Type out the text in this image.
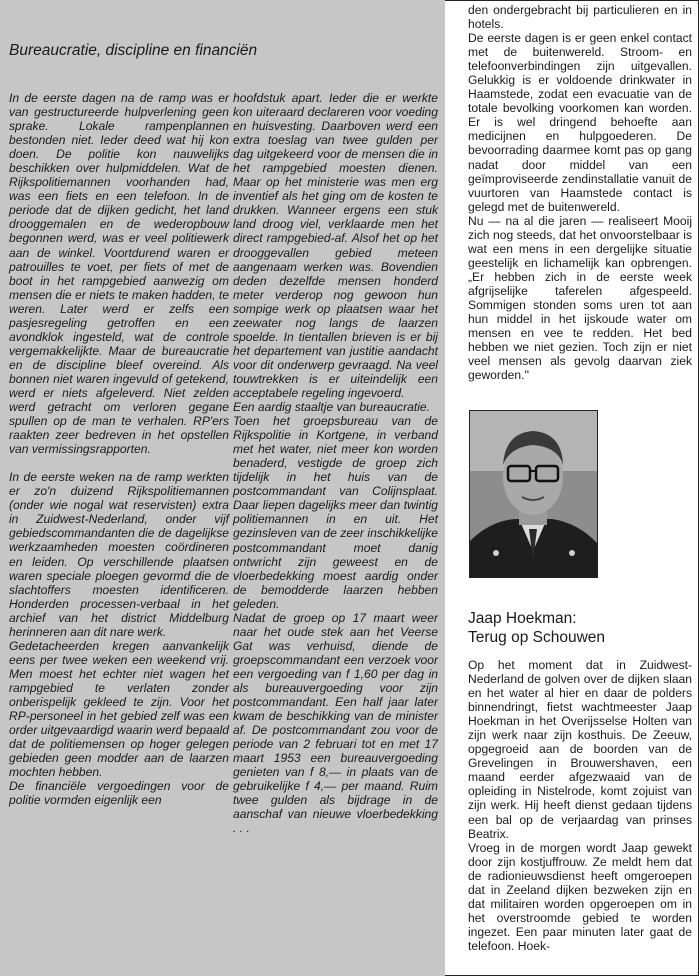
Bureaucratie, discipline en financiën

In de eerste dagen na de ramp was er van gestructureerde hulpverlening geen sprake. Lokale rampenplannen bestonden niet. Ieder deed wat hij kon doen. De politie kon nauwelijks beschikken over hulpmiddelen. Wat de Rijkspolitiemannen voorhanden had, was een fiets en een telefoon. In de periode dat de dijken gedicht, het land drooggemalen en de wederopbouw begonnen werd, was er veel politiewerk aan de winkel. Voortdurend waren er patrouilles te voet, per fiets of met de boot in het rampgebied aanwezig om mensen die er niets te maken hadden, te weren. Later werd er zelfs een pasjesregeling getroffen en een avondklok ingesteld, wat de controle vergemakkelijkte. Maar de bureaucratie en de discipline bleef overeind. Als bonnen niet waren ingevuld of getekend, werd er niets afgeleverd. Niet zelden werd getracht om verloren gegane spullen op de man te verhalen. RP'ers raakten zeer bedreven in het opstellen van vermissingsrapporten.

In de eerste weken na de ramp werkten er zo'n duizend Rijkspolitiemannen (onder wie nogal wat reservisten) extra in Zuidwest-Nederland, onder vijf gebiedscommandanten die de dagelijkse werkzaamheden moesten coördineren en leiden. Op verschillende plaatsen waren speciale ploegen gevormd die de slachtoffers moesten identificeren. Honderden processen-verbaal in het archief van het district Middelburg herinneren aan dit nare werk.

Gedetacheerden kregen aanvankelijk eens per twee weken een weekend vrij. Men moest het echter niet wagen het rampgebied te verlaten zonder onberispelijk gekleed te zijn. Voor het RP-personeel in het gebied zelf was een order uitgevaardigd waarin werd bepaald dat de politiemensen op hoger gelegen gebieden geen modder aan de laarzen mochten hebben.

De financiële vergoedingen voor de politie vormden eigenlijk een

hoofdstuk apart. Ieder die er werkte kon uiteraard declareren voor voeding en huisvesting. Daarboven werd een extra toeslag van twee gulden per dag uitgekeerd voor de mensen die in het rampgebied moesten dienen. Maar op het ministerie was men erg inventief als het ging om de kosten te drukken. Wanneer ergens een stuk land droog viel, verklaarde men het direct rampgebied-af. Alsof het op het drooggevallen gebied meteen aangenaam werken was. Bovendien deden dezelfde mensen honderd meter verderop nog gewoon hun sompige werk op plaatsen waar het zeewater nog langs de laarzen spoelde. In tientallen brieven is er bij het departement van justitie aandacht voor dit onderwerp gevraagd. Na veel touwtrekken is er uiteindelijk een acceptabele regeling ingevoerd.

Een aardig staaltje van bureaucratie.

Toen het groepsbureau van de Rijkspolitie in Kortgene, in verband met het water, niet meer kon worden benaderd, vestigde de groep zich tijdelijk in het huis van de postcommandant van Colijnsplaat. Daar liepen dagelijks meer dan twintig politiemannen in en uit. Het gezinsleven van de zeer inschikkelijke postcommandant moet danig ontwricht zijn geweest en de vloerbedekking moest aardig onder de bemodderde laarzen hebben geleden.

Nadat de groep op 17 maart weer naar het oude stek aan het Veerse Gat was verhuisd, diende de groepscommandant een verzoek voor een vergoeding van f 1,60 per dag in als bureauvergoeding voor zijn postcommandant. Een half jaar later kwam de beschikking van de minister af. De postcommandant zou voor de periode van 2 februari tot en met 17 maart 1953 een bureauvergoeding genieten van f 8,— in plaats van de gebruikelijke f 4,— per maand. Ruim twee gulden als bijdrage in de aanschaf van nieuwe vloerbedekking . . .

den ondergebracht bij particulieren en in hotels.

De eerste dagen is er geen enkel contact met de buitenwereld. Stroom- en telefoonverbindingen zijn uitgevallen. Gelukkig is er voldoende drinkwater in Haamstede, zodat een evacuatie van de totale bevolking voorkomen kan worden. Er is wel dringend behoefte aan medicijnen en hulpgoederen. De bevoorrading daarmee komt pas op gang nadat door middel van een geïmproviseerde zendinstallatie vanuit de vuurtoren van Haamstede contact is gelegd met de buitenwereld.

Nu — na al die jaren — realiseert Mooij zich nog steeds, dat het onvoorstelbaar is wat een mens in een dergelijke situatie geestelijk en lichamelijk kan opbrengen. „Er hebben zich in de eerste week afgrijselijke taferelen afgespeeld. Sommigen stonden soms uren tot aan hun middel in het ijskoude water om mensen en vee te redden. Het bed hebben we niet gezien. Toch zijn er niet veel mensen als gevolg daarvan ziek geworden.''

Jaap Hoekman:
Terug op Schouwen

Op het moment dat in Zuidwest-Nederland de golven over de dijken slaan en het water al hier en daar de polders binnendringt, fietst wachtmeester Jaap Hoekman in het Overijsselse Holten van zijn werk naar zijn kosthuis. De Zeeuw, opgegroeid aan de boorden van de Grevelingen in Brouwershaven, een maand eerder afgezwaaid van de opleiding in Nistelrode, komt zojuist van zijn werk. Hij heeft dienst gedaan tijdens een bal op de verjaardag van prinses Beatrix.

Vroeg in de morgen wordt Jaap gewekt door zijn kostjuffrouw. Ze meldt hem dat de radionieuwsdienst heeft omgeroepen dat in Zeeland dijken bezweken zijn en dat militairen worden opgeroepen om in het overstroomde gebied te worden ingezet. Een paar minuten later gaat de telefoon. Hoek-
